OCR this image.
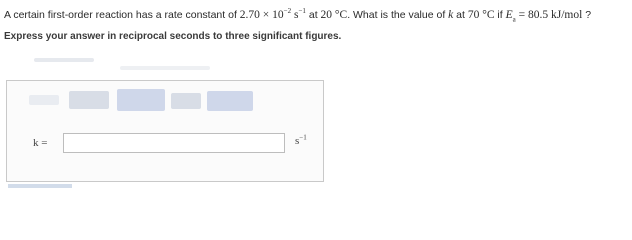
A certain first-order reaction has a rate constant of $2.70 \times 10^{-2}$ $s^{-1}$ at 20 °C. What is the value of k at 70 °C if $E_a = 80.5$ kJ/mol ?
Express your answer in reciprocal seconds to three significant figures.
k =	$s^{-1}$
